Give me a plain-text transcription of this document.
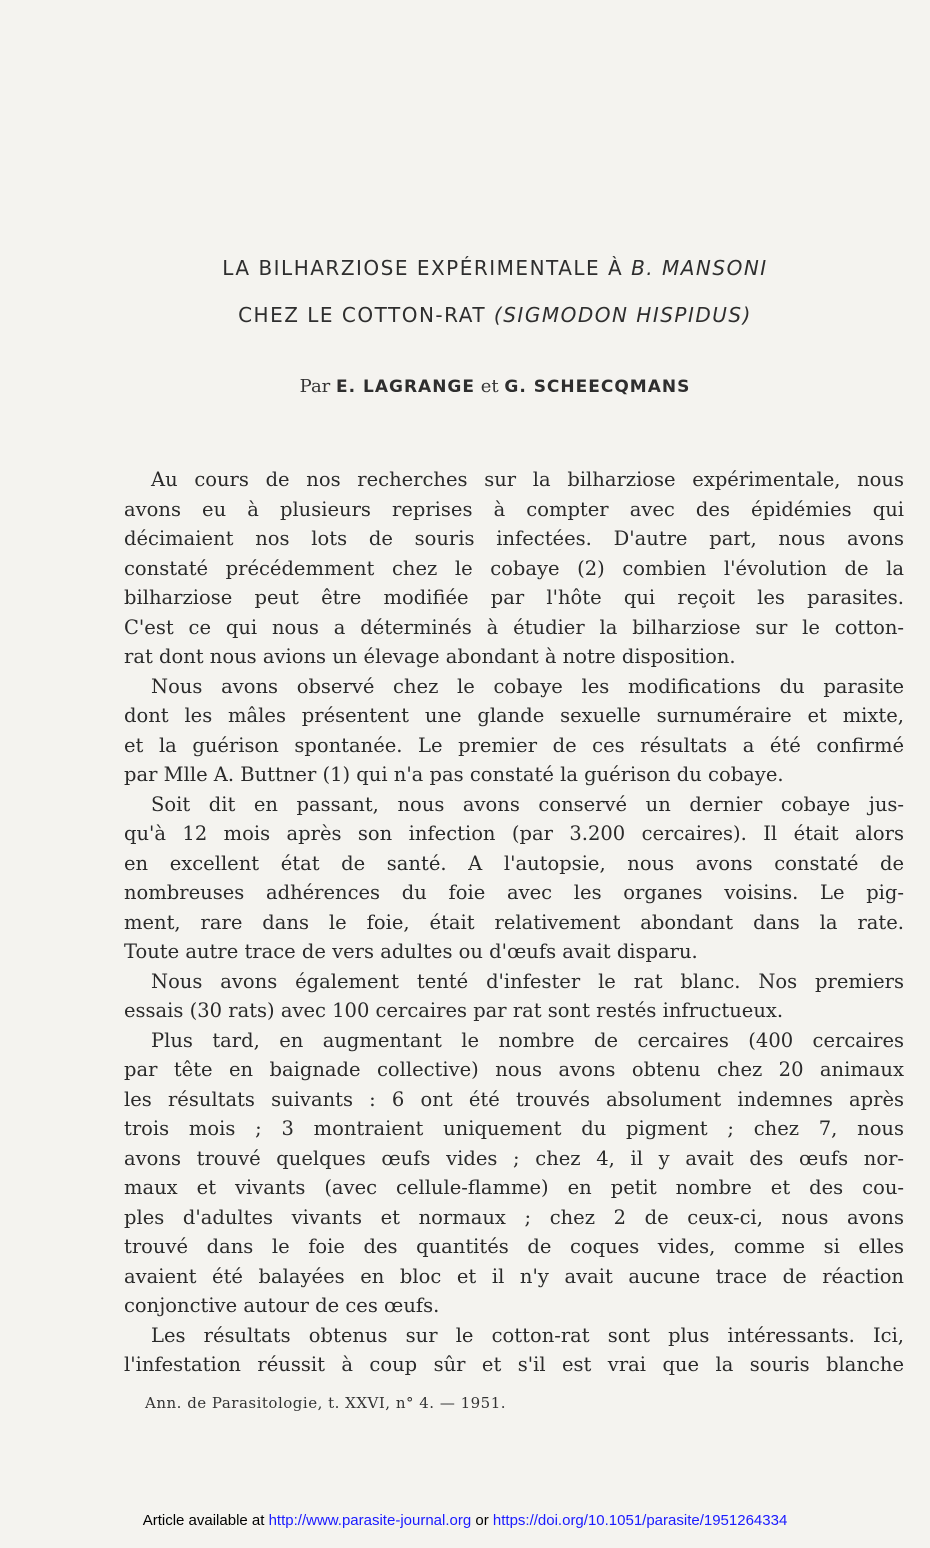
LA BILHARZIOSE EXPÉRIMENTALE À B. MANSONI
CHEZ LE COTTON-RAT (SIGMODON HISPIDUS)
Par E. LAGRANGE et G. SCHEECQMANS
Au cours de nos recherches sur la bilharziose expérimentale, nous
avons eu à plusieurs reprises à compter avec des épidémies qui
décimaient nos lots de souris infectées. D'autre part, nous avons
constaté précédemment chez le cobaye (2) combien l'évolution de la
bilharziose peut être modifiée par l'hôte qui reçoit les parasites.
C'est ce qui nous a déterminés à étudier la bilharziose sur le cotton-
rat dont nous avions un élevage abondant à notre disposition.
Nous avons observé chez le cobaye les modifications du parasite
dont les mâles présentent une glande sexuelle surnuméraire et mixte,
et la guérison spontanée. Le premier de ces résultats a été confirmé
par Mlle A. Buttner (1) qui n'a pas constaté la guérison du cobaye.
Soit dit en passant, nous avons conservé un dernier cobaye jus-
qu'à 12 mois après son infection (par 3.200 cercaires). Il était alors
en excellent état de santé. A l'autopsie, nous avons constaté de
nombreuses adhérences du foie avec les organes voisins. Le pig-
ment, rare dans le foie, était relativement abondant dans la rate.
Toute autre trace de vers adultes ou d'œufs avait disparu.
Nous avons également tenté d'infester le rat blanc. Nos premiers
essais (30 rats) avec 100 cercaires par rat sont restés infructueux.
Plus tard, en augmentant le nombre de cercaires (400 cercaires
par tête en baignade collective) nous avons obtenu chez 20 animaux
les résultats suivants : 6 ont été trouvés absolument indemnes après
trois mois ; 3 montraient uniquement du pigment ; chez 7, nous
avons trouvé quelques œufs vides ; chez 4, il y avait des œufs nor-
maux et vivants (avec cellule-flamme) en petit nombre et des cou-
ples d'adultes vivants et normaux ; chez 2 de ceux-ci, nous avons
trouvé dans le foie des quantités de coques vides, comme si elles
avaient été balayées en bloc et il n'y avait aucune trace de réaction
conjonctive autour de ces œufs.
Les résultats obtenus sur le cotton-rat sont plus intéressants. Ici,
l'infestation réussit à coup sûr et s'il est vrai que la souris blanche
Ann. de Parasitologie, t. XXVI, n° 4. — 1951.
Article available at http://www.parasite-journal.org or https://doi.org/10.1051/parasite/1951264334
